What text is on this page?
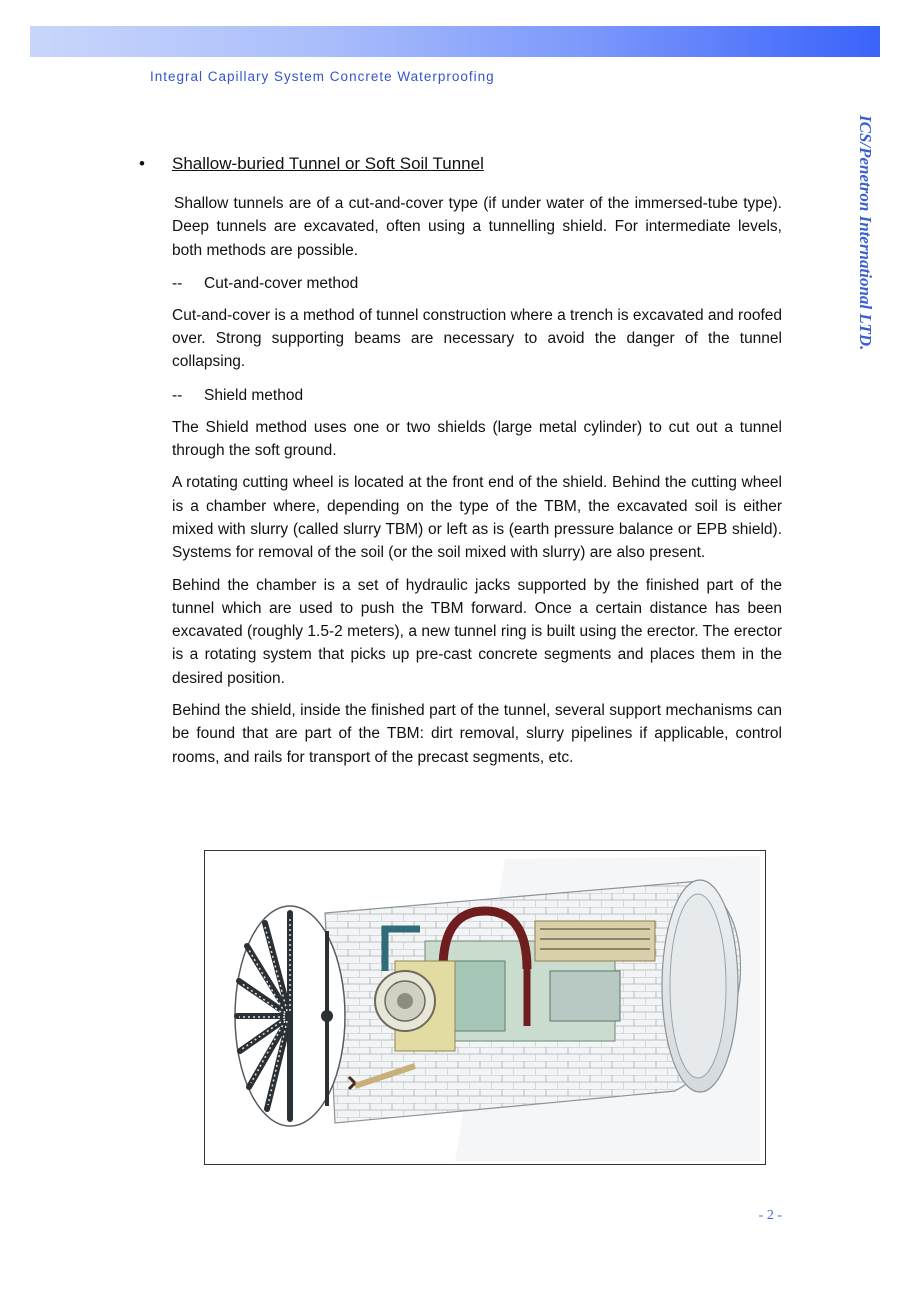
Integral Capillary System Concrete Waterproofing
ICS/Penetron International LTD.
• Shallow-buried Tunnel or Soft Soil Tunnel

Shallow tunnels are of a cut-and-cover type (if under water of the immersed-tube type). Deep tunnels are excavated, often using a tunnelling shield. For intermediate levels, both methods are possible.

-- Cut-and-cover method

Cut-and-cover is a method of tunnel construction where a trench is excavated and roofed over. Strong supporting beams are necessary to avoid the danger of the tunnel collapsing.

-- Shield method

The Shield method uses one or two shields (large metal cylinder) to cut out a tunnel through the soft ground.

A rotating cutting wheel is located at the front end of the shield. Behind the cutting wheel is a chamber where, depending on the type of the TBM, the excavated soil is either mixed with slurry (called slurry TBM) or left as is (earth pressure balance or EPB shield). Systems for removal of the soil (or the soil mixed with slurry) are also present.

Behind the chamber is a set of hydraulic jacks supported by the finished part of the tunnel which are used to push the TBM forward. Once a certain distance has been excavated (roughly 1.5-2 meters), a new tunnel ring is built using the erector. The erector is a rotating system that picks up pre-cast concrete segments and places them in the desired position.

Behind the shield, inside the finished part of the tunnel, several support mechanisms can be found that are part of the TBM: dirt removal, slurry pipelines if applicable, control rooms, and rails for transport of the precast segments, etc.

- 2 -
